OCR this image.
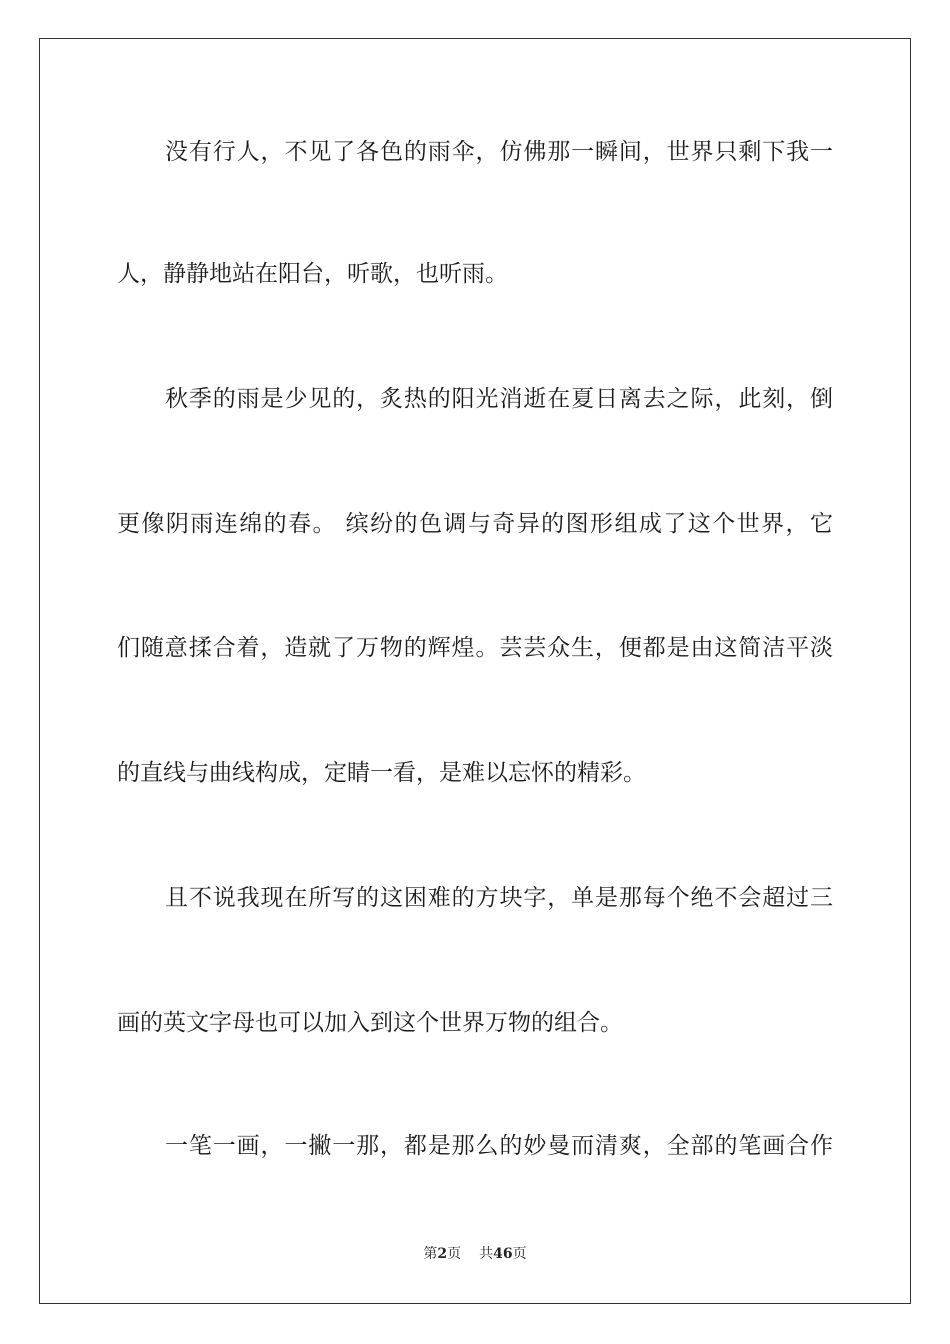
没有行人，不见了各色的雨伞，仿佛那一瞬间，世界只剩下我一
人，静静地站在阳台，听歌，也听雨。
秋季的雨是少见的，炙热的阳光消逝在夏日离去之际，此刻，倒
更像阴雨连绵的春。 缤纷的色调与奇异的图形组成了这个世界，它
们随意揉合着，造就了万物的辉煌。芸芸众生，便都是由这简洁平淡
的直线与曲线构成，定睛一看，是难以忘怀的精彩。
且不说我现在所写的这困难的方块字，单是那每个绝不会超过三
画的英文字母也可以加入到这个世界万物的组合。
一笔一画，一撇一那，都是那么的妙曼而清爽，全部的笔画合作
第2页 共46页
